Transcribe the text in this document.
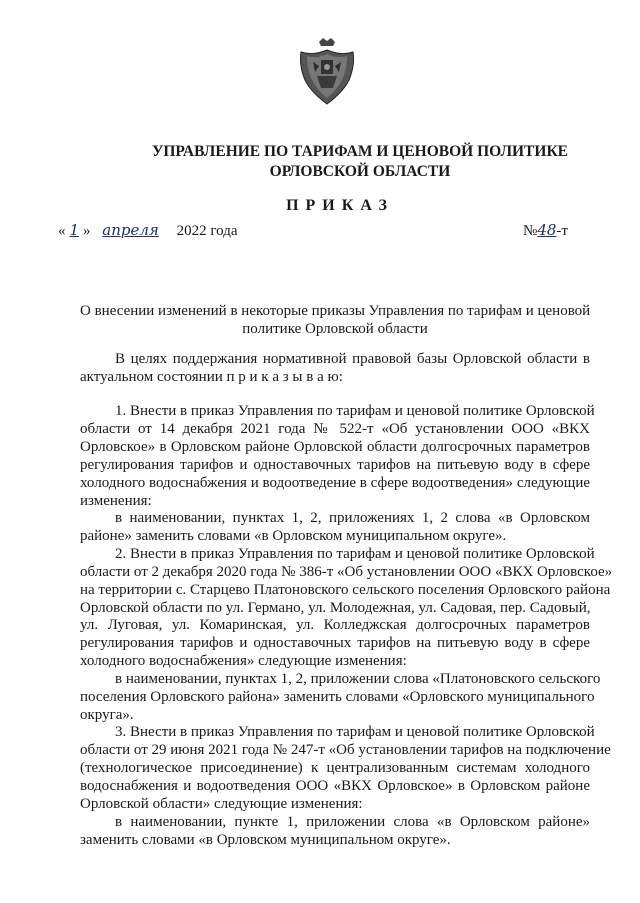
УПРАВЛЕНИЕ ПО ТАРИФАМ И ЦЕНОВОЙ ПОЛИТИКЕ
ОРЛОВСКОЙ ОБЛАСТИ
ПРИКАЗ
« 1 » апреля 2022 года	№48-т
О внесении изменений в некоторые приказы Управления по тарифам и ценовой
политике Орловской области
В целях поддержания нормативной правовой базы Орловской области в
актуальном состоянии п р и к а з ы в а ю:
1. Внести в приказ Управления по тарифам и ценовой политике Орловской
области от 14 декабря 2021 года № 522-т «Об установлении ООО «ВКХ
Орловское» в Орловском районе Орловской области долгосрочных параметров
регулирования тарифов и одноставочных тарифов на питьевую воду в сфере
холодного водоснабжения и водоотведение в сфере водоотведения» следующие
изменения:
в наименовании, пунктах 1, 2, приложениях 1, 2 слова «в Орловском
районе» заменить словами «в Орловском муниципальном округе».
2. Внести в приказ Управления по тарифам и ценовой политике Орловской
области от 2 декабря 2020 года № 386-т «Об установлении ООО «ВКХ Орловское»
на территории с. Старцево Платоновского сельского поселения Орловского района
Орловской области по ул. Германо, ул. Молодежная, ул. Садовая, пер. Садовый,
ул. Луговая, ул. Комаринская, ул. Колледжская долгосрочных параметров
регулирования тарифов и одноставочных тарифов на питьевую воду в сфере
холодного водоснабжения» следующие изменения:
в наименовании, пунктах 1, 2, приложении слова «Платоновского сельского
поселения Орловского района» заменить словами «Орловского муниципального
округа».
3. Внести в приказ Управления по тарифам и ценовой политике Орловской
области от 29 июня 2021 года № 247-т «Об установлении тарифов на подключение
(технологическое присоединение) к централизованным системам холодного
водоснабжения и водоотведения ООО «ВКХ Орловское» в Орловском районе
Орловской области» следующие изменения:
в наименовании, пункте 1, приложении слова «в Орловском районе»
заменить словами «в Орловском муниципальном округе».
